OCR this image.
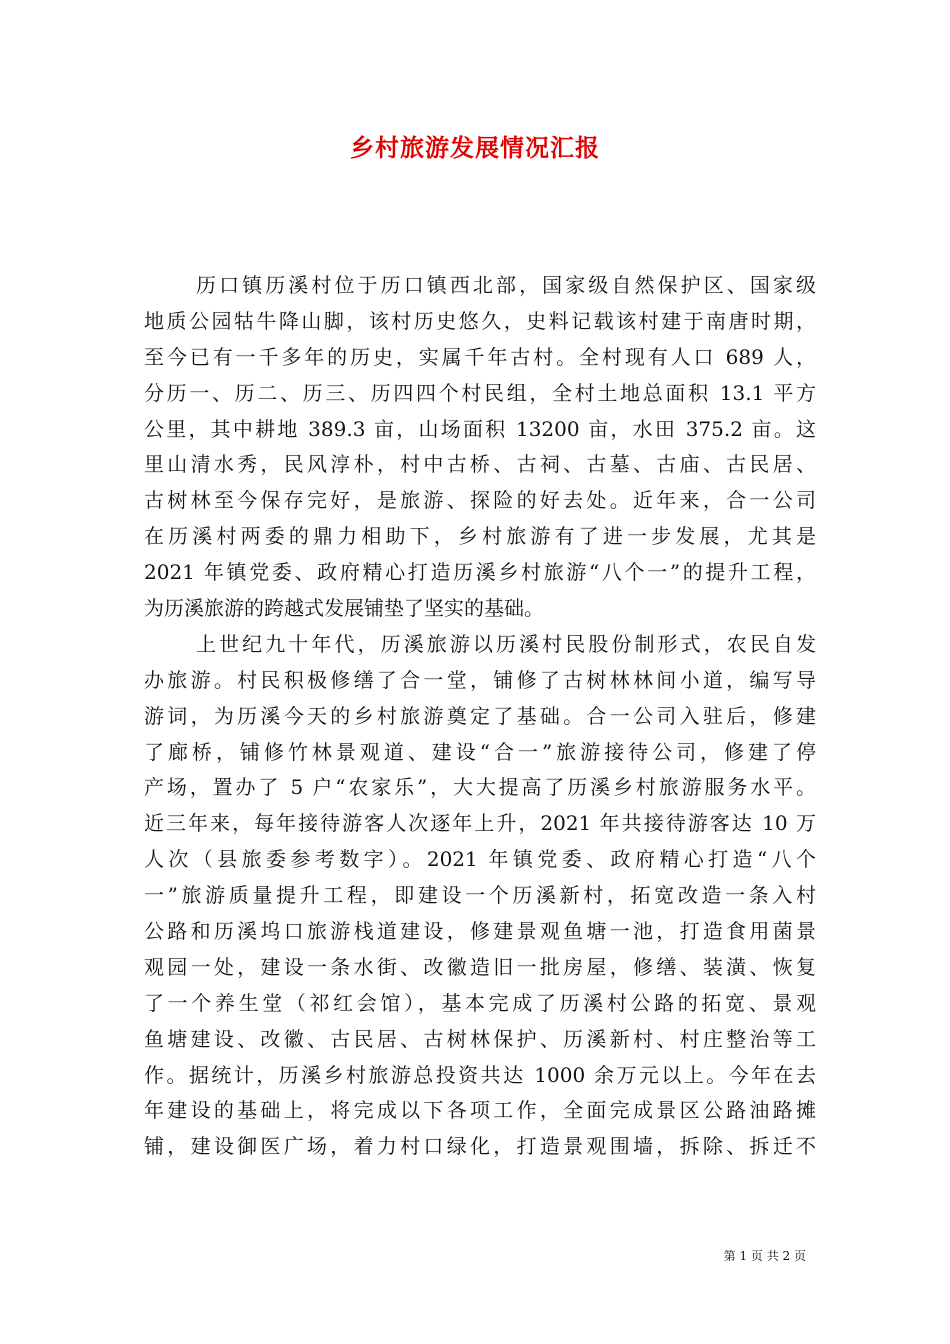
乡村旅游发展情况汇报
历口镇历溪村位于历口镇西北部，国家级自然保护区、国家级
地质公园牯牛降山脚，该村历史悠久，史料记载该村建于南唐时期，
至今已有一千多年的历史，实属千年古村。全村现有人口 689 人，
分历一、历二、历三、历四四个村民组，全村土地总面积 13.1 平方
公里，其中耕地 389.3 亩，山场面积 13200 亩，水田 375.2 亩。这
里山清水秀，民风淳朴，村中古桥、古祠、古墓、古庙、古民居、
古树林至今保存完好，是旅游、探险的好去处。近年来，合一公司
在历溪村两委的鼎力相助下，乡村旅游有了进一步发展，尤其是
2021 年镇党委、政府精心打造历溪乡村旅游“八个一”的提升工程，
为历溪旅游的跨越式发展铺垫了坚实的基础。
上世纪九十年代，历溪旅游以历溪村民股份制形式，农民自发
办旅游。村民积极修缮了合一堂，铺修了古树林林间小道，编写导
游词，为历溪今天的乡村旅游奠定了基础。合一公司入驻后，修建
了廊桥，铺修竹林景观道、建设“合一”旅游接待公司，修建了停
产场，置办了 5 户“农家乐”，大大提高了历溪乡村旅游服务水平。
近三年来，每年接待游客人次逐年上升，2021 年共接待游客达 10 万
人次（县旅委参考数字）。2021 年镇党委、政府精心打造“八个
一”旅游质量提升工程，即建设一个历溪新村，拓宽改造一条入村
公路和历溪坞口旅游栈道建设，修建景观鱼塘一池，打造食用菌景
观园一处，建设一条水街、改徽造旧一批房屋，修缮、装潢、恢复
了一个养生堂（祁红会馆），基本完成了历溪村公路的拓宽、景观
鱼塘建设、改徽、古民居、古树林保护、历溪新村、村庄整治等工
作。据统计，历溪乡村旅游总投资共达 1000 余万元以上。今年在去
年建设的基础上，将完成以下各项工作，全面完成景区公路油路摊
铺，建设御医广场，着力村口绿化，打造景观围墙，拆除、拆迁不
第 1 页 共 2 页
